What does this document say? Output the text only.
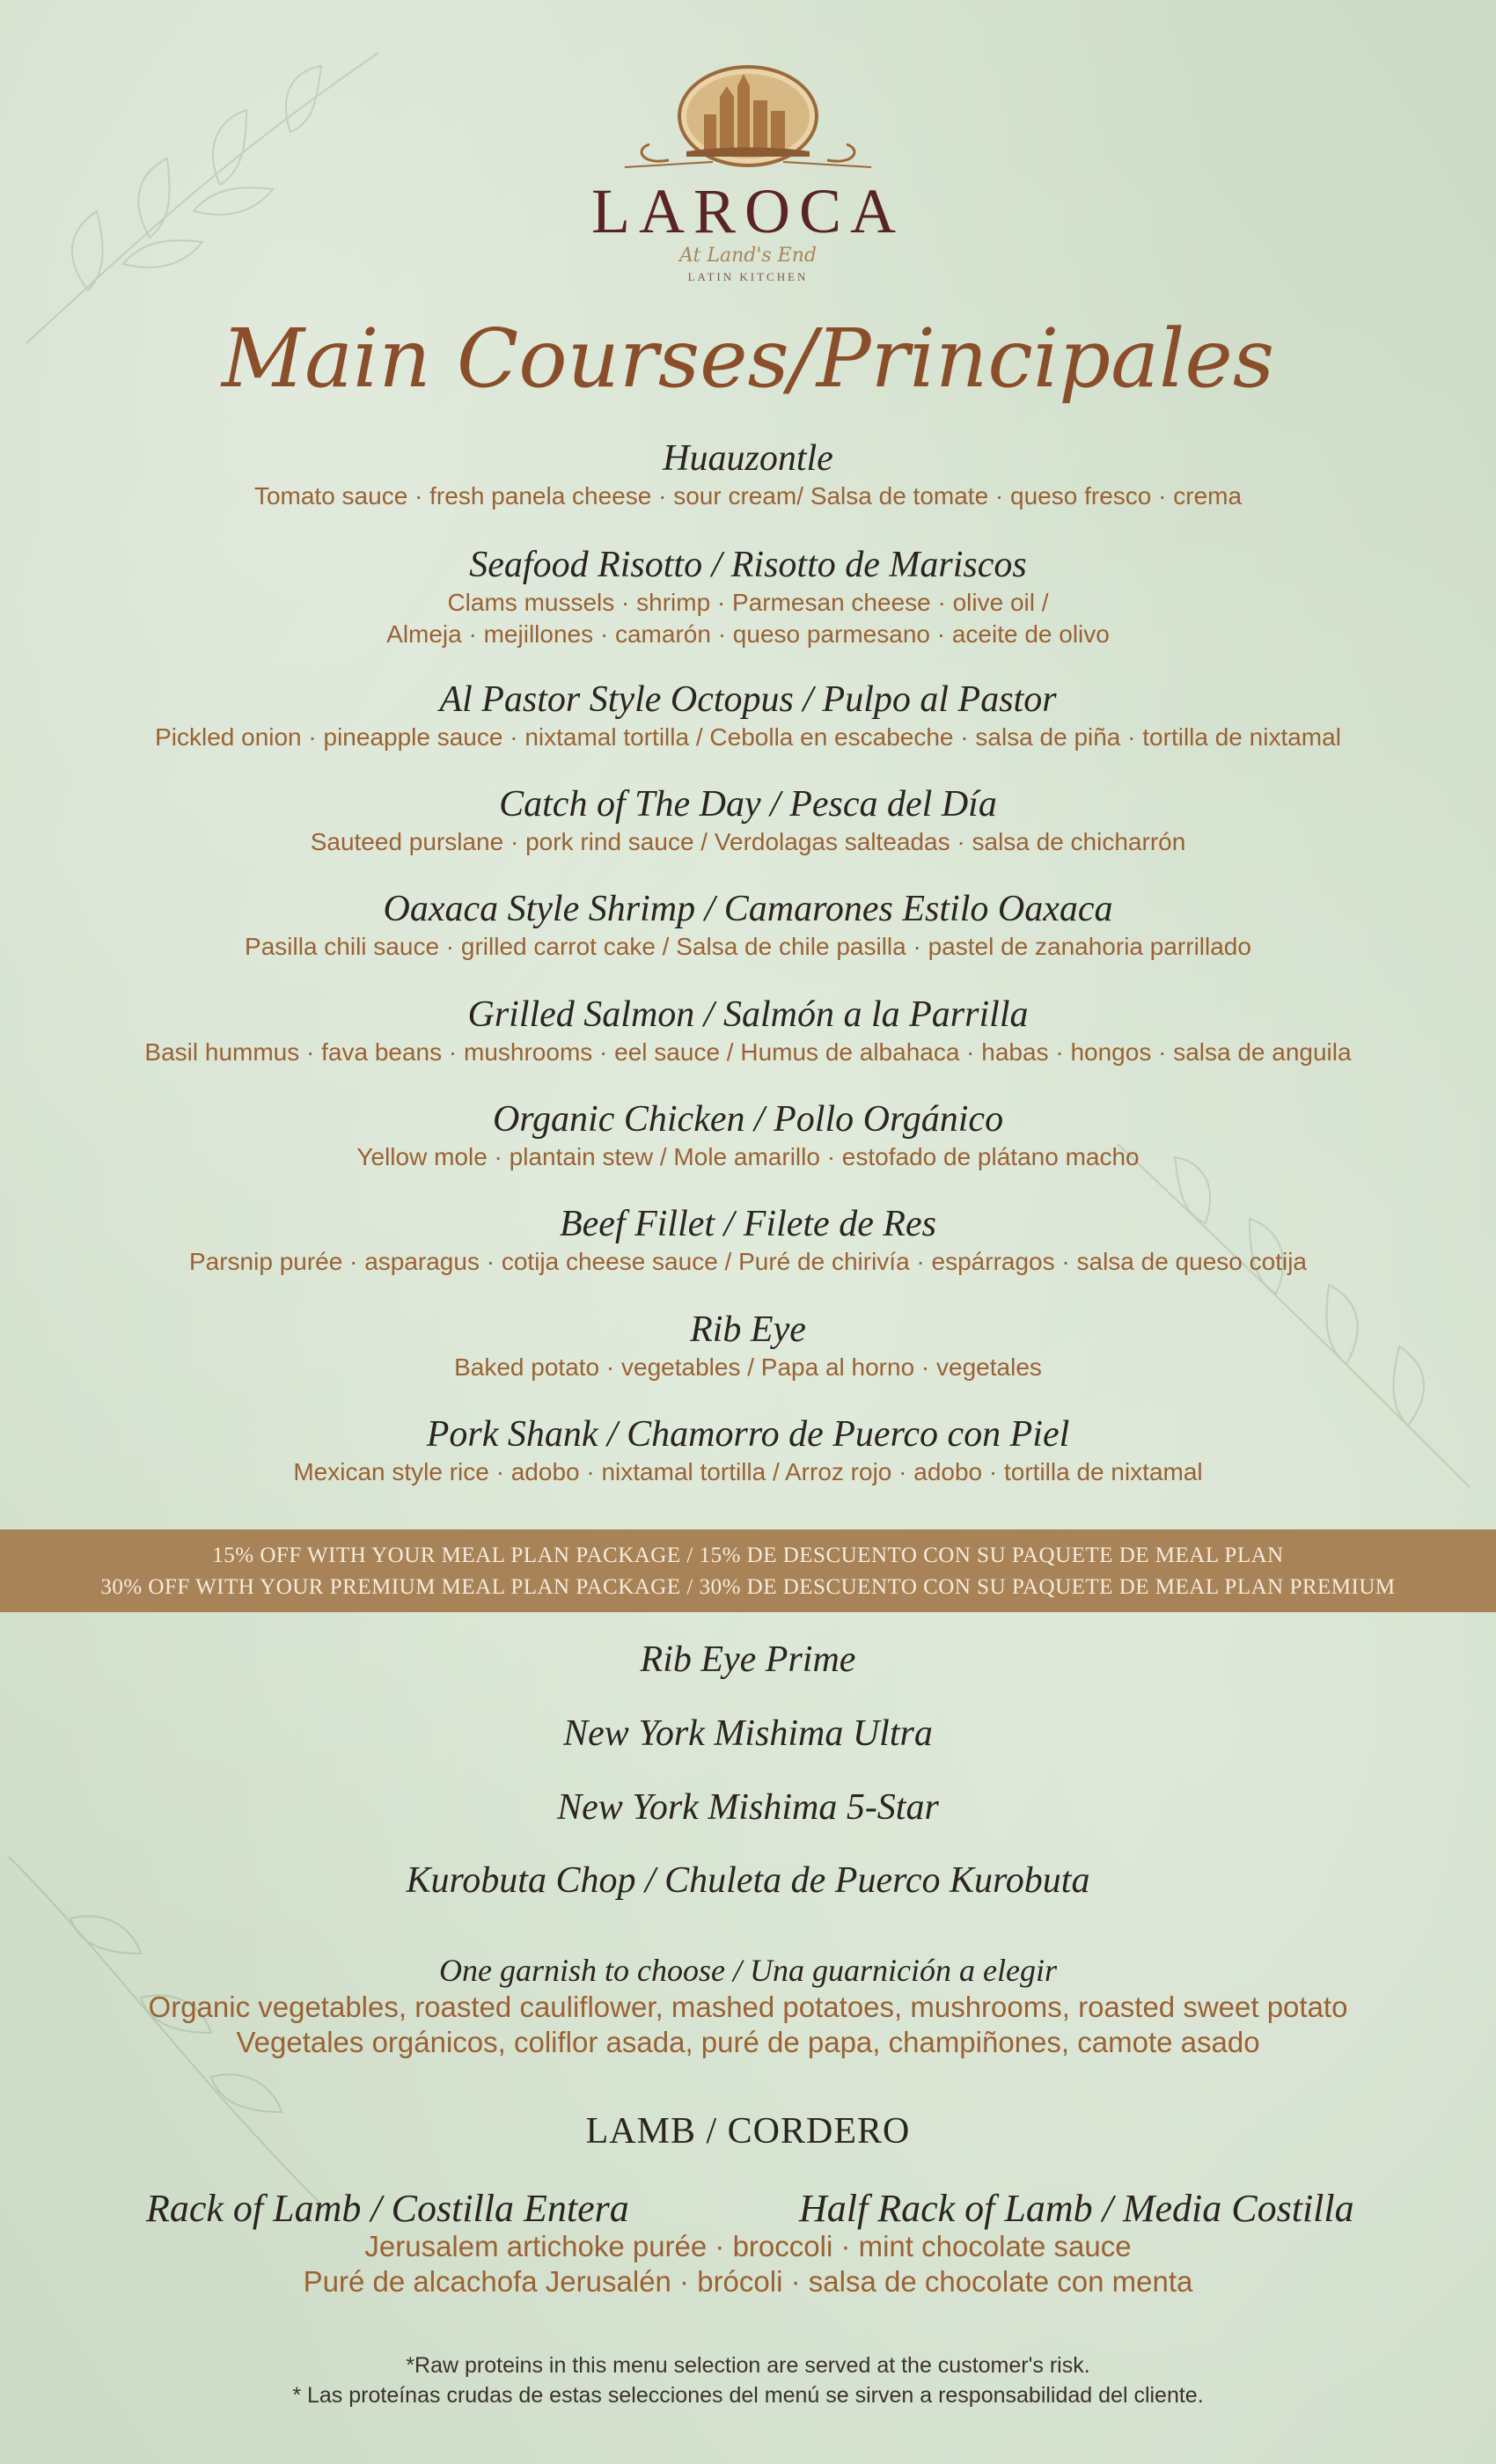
LAROCA
At Land's End
LATIN KITCHEN
Main Courses/Principales
Huauzontle
Tomato sauce · fresh panela cheese · sour cream/ Salsa de tomate · queso fresco · crema
Seafood Risotto / Risotto de Mariscos
Clams mussels · shrimp · Parmesan cheese · olive oil /
Almeja · mejillones · camarón · queso parmesano · aceite de olivo
Al Pastor Style Octopus / Pulpo al Pastor
Pickled onion · pineapple sauce · nixtamal tortilla / Cebolla en escabeche · salsa de piña · tortilla de nixtamal
Catch of The Day / Pesca del Día
Sauteed purslane · pork rind sauce / Verdolagas salteadas · salsa de chicharrón
Oaxaca Style Shrimp / Camarones Estilo Oaxaca
Pasilla chili sauce · grilled carrot cake / Salsa de chile pasilla · pastel de zanahoria parrillado
Grilled Salmon / Salmón a la Parrilla
Basil hummus · fava beans · mushrooms · eel sauce / Humus de albahaca · habas · hongos · salsa de anguila
Organic Chicken / Pollo Orgánico
Yellow mole · plantain stew / Mole amarillo · estofado de plátano macho
Beef Fillet / Filete de Res
Parsnip purée · asparagus · cotija cheese sauce / Puré de chirivía · espárragos · salsa de queso cotija
Rib Eye
Baked potato · vegetables / Papa al horno · vegetales
Pork Shank / Chamorro de Puerco con Piel
Mexican style rice · adobo · nixtamal tortilla / Arroz rojo · adobo · tortilla de nixtamal
15% OFF WITH YOUR MEAL PLAN PACKAGE / 15% DE DESCUENTO CON SU PAQUETE DE MEAL PLAN
30% OFF WITH YOUR PREMIUM MEAL PLAN PACKAGE / 30% DE DESCUENTO CON SU PAQUETE DE MEAL PLAN PREMIUM
Rib Eye Prime
New York Mishima Ultra
New York Mishima 5-Star
Kurobuta Chop / Chuleta de Puerco Kurobuta
One garnish to choose / Una guarnición a elegir
Organic vegetables, roasted cauliflower, mashed potatoes, mushrooms, roasted sweet potato
Vegetales orgánicos, coliflor asada, puré de papa, champiñones, camote asado
LAMB / CORDERO
Rack of Lamb / Costilla Entera	Half Rack of Lamb / Media Costilla
Jerusalem artichoke purée · broccoli · mint chocolate sauce
Puré de alcachofa Jerusalén · brócoli · salsa de chocolate con menta
*Raw proteins in this menu selection are served at the customer's risk.
* Las proteínas crudas de estas selecciones del menú se sirven a responsabilidad del cliente.
